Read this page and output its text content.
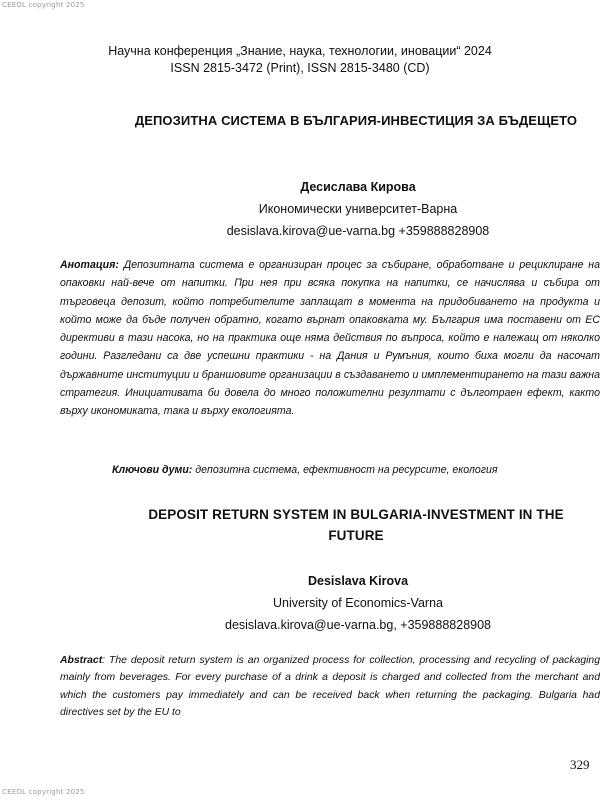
CEEOL copyright 2025
Научна конференция „Знание, наука, технологии, иновации“ 2024
ISSN 2815-3472 (Print), ISSN 2815-3480 (CD)
ДЕПОЗИТНА СИСТЕМА В БЪЛГАРИЯ-ИНВЕСТИЦИЯ ЗА БЪДЕЩЕТО
Десислава Кирова
Икономически университет-Варна
desislava.kirova@ue-varna.bg +359888828908
Анотация: Депозитната система е организиран процес за събиране, обработване и рециклиране на опаковки най-вече от напитки. При нея при всяка покупка на напитки, се начислява и събира от търговеца депозит, който потребителите заплащат в момента на придобиването на продукта и който може да бъде получен обратно, когато върнат опаковката му. България има поставени от ЕС директиви в тази насока, но на практика още няма действия по въпроса, който е належащ от няколко години. Разгледани са две успешни практики - на Дания и Румъния, които биха могли да насочат държавните институции и браншовите организации в създаването и имплементирането на тази важна стратегия. Инициативата би довела до много положителни резултати с дълготраен ефект, както върху икономиката, така и върху екологията.
Ключови думи: депозитна система, ефективност на ресурсите, екология
DEPOSIT RETURN SYSTEM IN BULGARIA-INVESTMENT IN THE FUTURE
Desislava Kirova
University of Economics-Varna
desislava.kirova@ue-varna.bg, +359888828908
Abstract: The deposit return system is an organized process for collection, processing and recycling of packaging mainly from beverages. For every purchase of a drink a deposit is charged and collected from the merchant and which the customers pay immediately and can be received back when returning the packaging. Bulgaria had directives set by the EU to
329
CEEOL copyright 2025
